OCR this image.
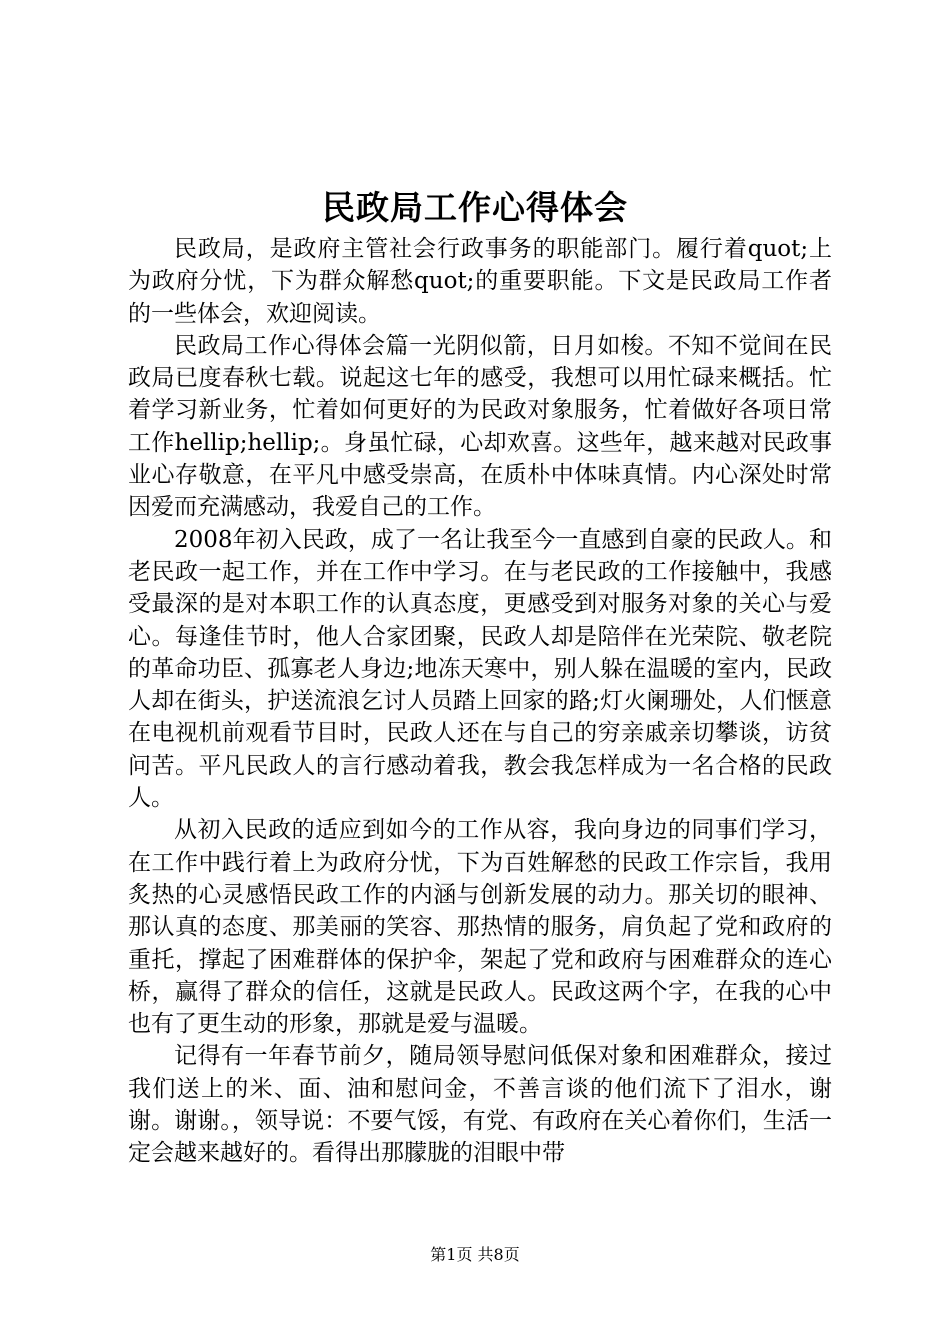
民政局工作心得体会

民政局，是政府主管社会行政事务的职能部门。履行着quot;上为政府分忧，下为群众解愁quot;的重要职能。下文是民政局工作者的一些体会，欢迎阅读。

民政局工作心得体会篇一光阴似箭，日月如梭。不知不觉间在民政局已度春秋七载。说起这七年的感受，我想可以用忙碌来概括。忙着学习新业务，忙着如何更好的为民政对象服务，忙着做好各项日常工作hellip;hellip;。身虽忙碌，心却欢喜。这些年，越来越对民政事业心存敬意，在平凡中感受崇高，在质朴中体味真情。内心深处时常因爱而充满感动，我爱自己的工作。

2008年初入民政，成了一名让我至今一直感到自豪的民政人。和老民政一起工作，并在工作中学习。在与老民政的工作接触中，我感受最深的是对本职工作的认真态度，更感受到对服务对象的关心与爱心。每逢佳节时，他人合家团聚，民政人却是陪伴在光荣院、敬老院的革命功臣、孤寡老人身边;地冻天寒中，别人躲在温暖的室内，民政人却在街头，护送流浪乞讨人员踏上回家的路;灯火阑珊处，人们惬意在电视机前观看节目时，民政人还在与自己的穷亲戚亲切攀谈，访贫问苦。平凡民政人的言行感动着我，教会我怎样成为一名合格的民政人。

从初入民政的适应到如今的工作从容，我向身边的同事们学习，在工作中践行着上为政府分忧，下为百姓解愁的民政工作宗旨，我用炙热的心灵感悟民政工作的内涵与创新发展的动力。那关切的眼神、那认真的态度、那美丽的笑容、那热情的服务，肩负起了党和政府的重托，撑起了困难群体的保护伞，架起了党和政府与困难群众的连心桥，赢得了群众的信任，这就是民政人。民政这两个字，在我的心中也有了更生动的形象，那就是爱与温暖。

记得有一年春节前夕，随局领导慰问低保对象和困难群众，接过我们送上的米、面、油和慰问金，不善言谈的他们流下了泪水，谢谢。谢谢。，领导说：不要气馁，有党、有政府在关心着你们，生活一定会越来越好的。看得出那朦胧的泪眼中带

第1页 共8页
